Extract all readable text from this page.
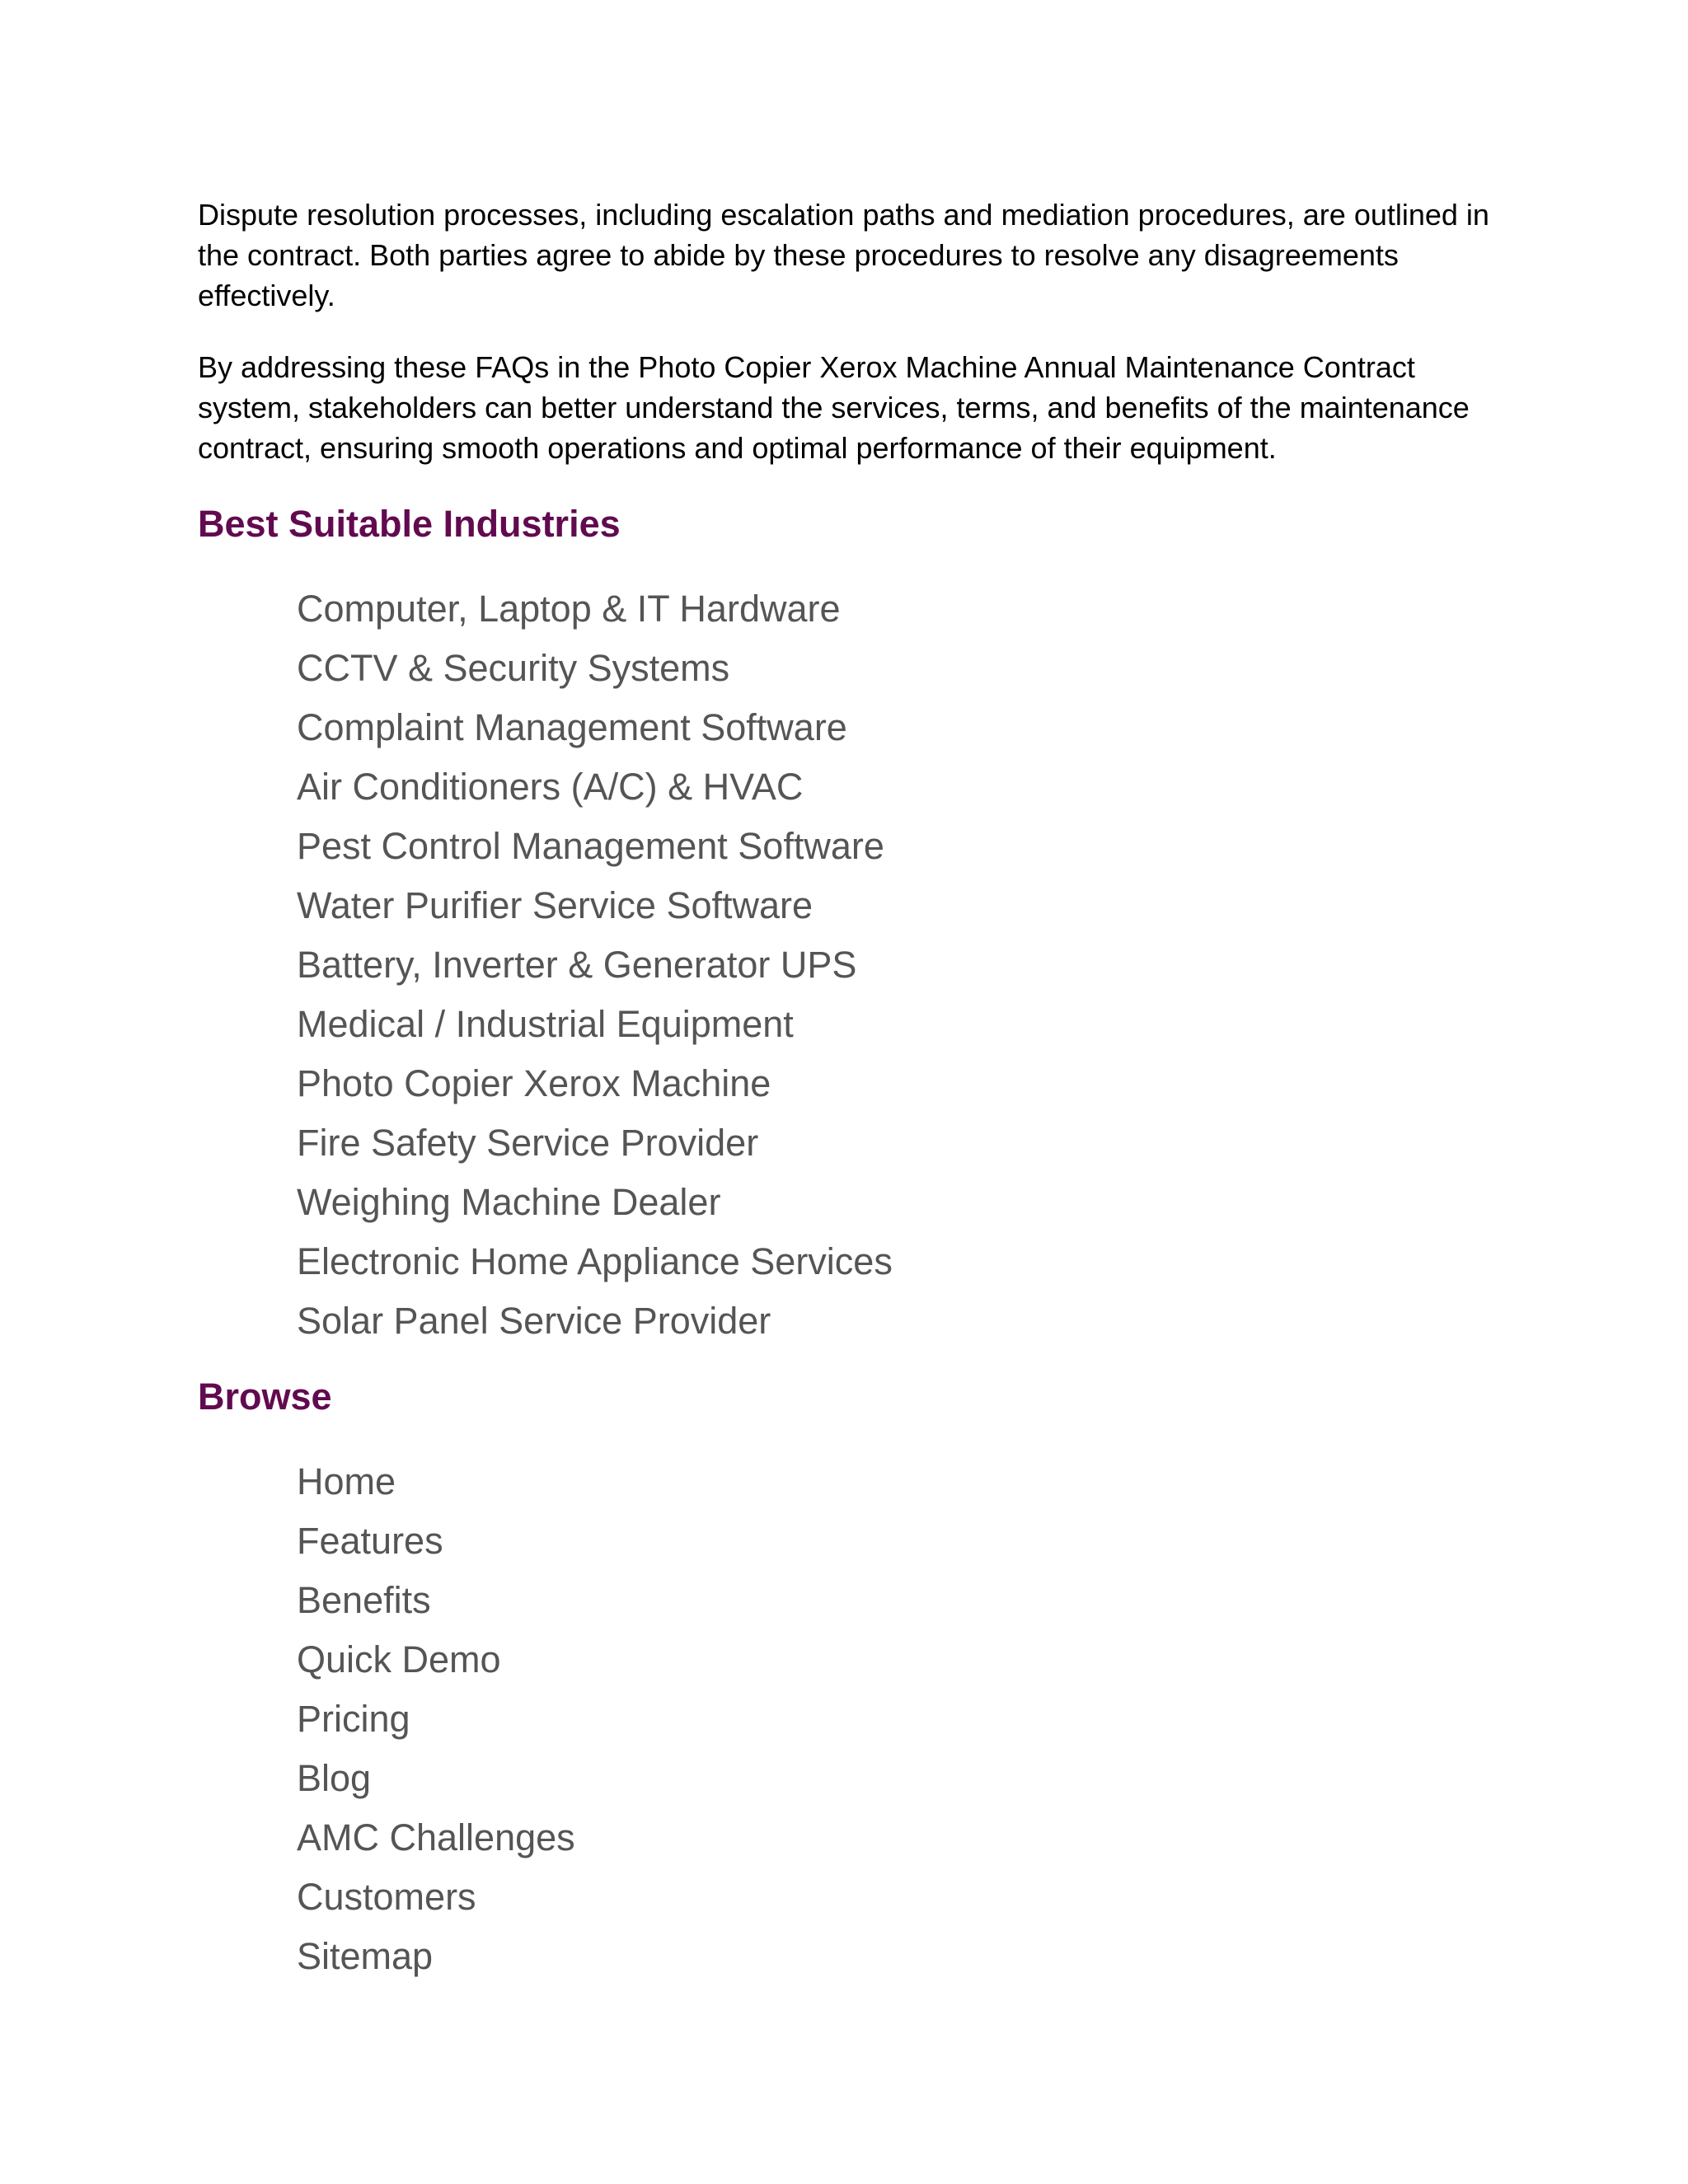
Dispute resolution processes, including escalation paths and mediation procedures, are outlined in the contract. Both parties agree to abide by these procedures to resolve any disagreements effectively.

By addressing these FAQs in the Photo Copier Xerox Machine Annual Maintenance Contract system, stakeholders can better understand the services, terms, and benefits of the maintenance contract, ensuring smooth operations and optimal performance of their equipment.

Best Suitable Industries
Computer, Laptop & IT Hardware
CCTV & Security Systems
Complaint Management Software
Air Conditioners (A/C) & HVAC
Pest Control Management Software
Water Purifier Service Software
Battery, Inverter & Generator UPS
Medical / Industrial Equipment
Photo Copier Xerox Machine
Fire Safety Service Provider
Weighing Machine Dealer
Electronic Home Appliance Services
Solar Panel Service Provider
Browse
Home
Features
Benefits
Quick Demo
Pricing
Blog
AMC Challenges
Customers
Sitemap
